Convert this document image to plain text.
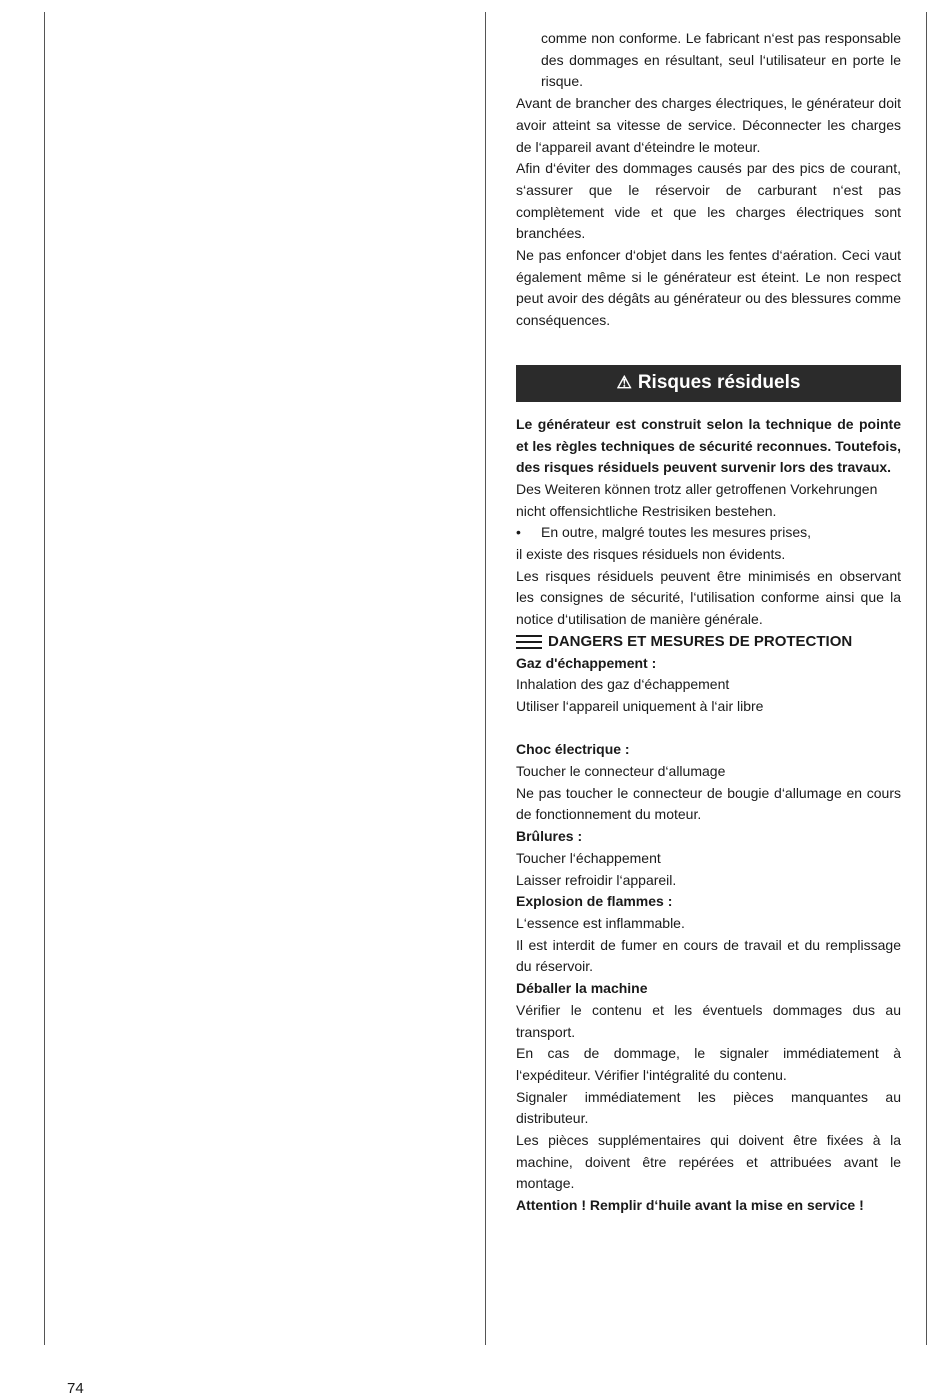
comme non conforme. Le fabricant n‘est pas responsable des dommages en résultant, seul l‘utilisateur en porte le risque.

Avant de brancher des charges électriques, le générateur doit avoir atteint sa vitesse de service. Déconnecter les charges de l‘appareil avant d‘éteindre le moteur.

Afin d‘éviter des dommages causés par des pics de courant, s‘assurer que le réservoir de carburant n‘est pas complètement vide et que les charges électriques sont branchées.

Ne pas enfoncer d‘objet dans les fentes d‘aération. Ceci vaut également même si le générateur est éteint. Le non respect peut avoir des dégâts au générateur ou des blessures comme conséquences.

⚠ Risques résiduels

Le générateur est construit selon la technique de pointe et les règles techniques de sécurité reconnues. Toutefois, des risques résiduels peuvent survenir lors des travaux.

Des Weiteren können trotz aller getroffenen Vorkehrungen nicht offensichtliche Restrisiken bestehen.

•	En outre, malgré toutes les mesures prises,

il existe des risques résiduels non évidents.

Les risques résiduels peuvent être minimisés en observant les consignes de sécurité, l‘utilisation conforme ainsi que la notice d‘utilisation de manière générale.

DANGERS ET MESURES DE PROTECTION

Gaz d'échappement :

Inhalation des gaz d‘échappement

Utiliser l‘appareil uniquement à l‘air libre

Choc électrique :

Toucher le connecteur d‘allumage

Ne pas toucher le connecteur de bougie d‘allumage en cours de fonctionnement du moteur.

Brûlures :

Toucher l‘échappement

Laisser refroidir l‘appareil.

Explosion de flammes :

L‘essence est inflammable.

Il est interdit de fumer en cours de travail et du remplissage du réservoir.

Déballer la machine

Vérifier le contenu et les éventuels dommages dus au transport.

En cas de dommage, le signaler immédiatement à l‘expéditeur. Vérifier l‘intégralité du contenu.

Signaler immédiatement les pièces manquantes au distributeur.

Les pièces supplémentaires qui doivent être fixées à la machine, doivent être repérées et attribuées avant le montage.

Attention ! Remplir d‘huile avant la mise en service !

74
